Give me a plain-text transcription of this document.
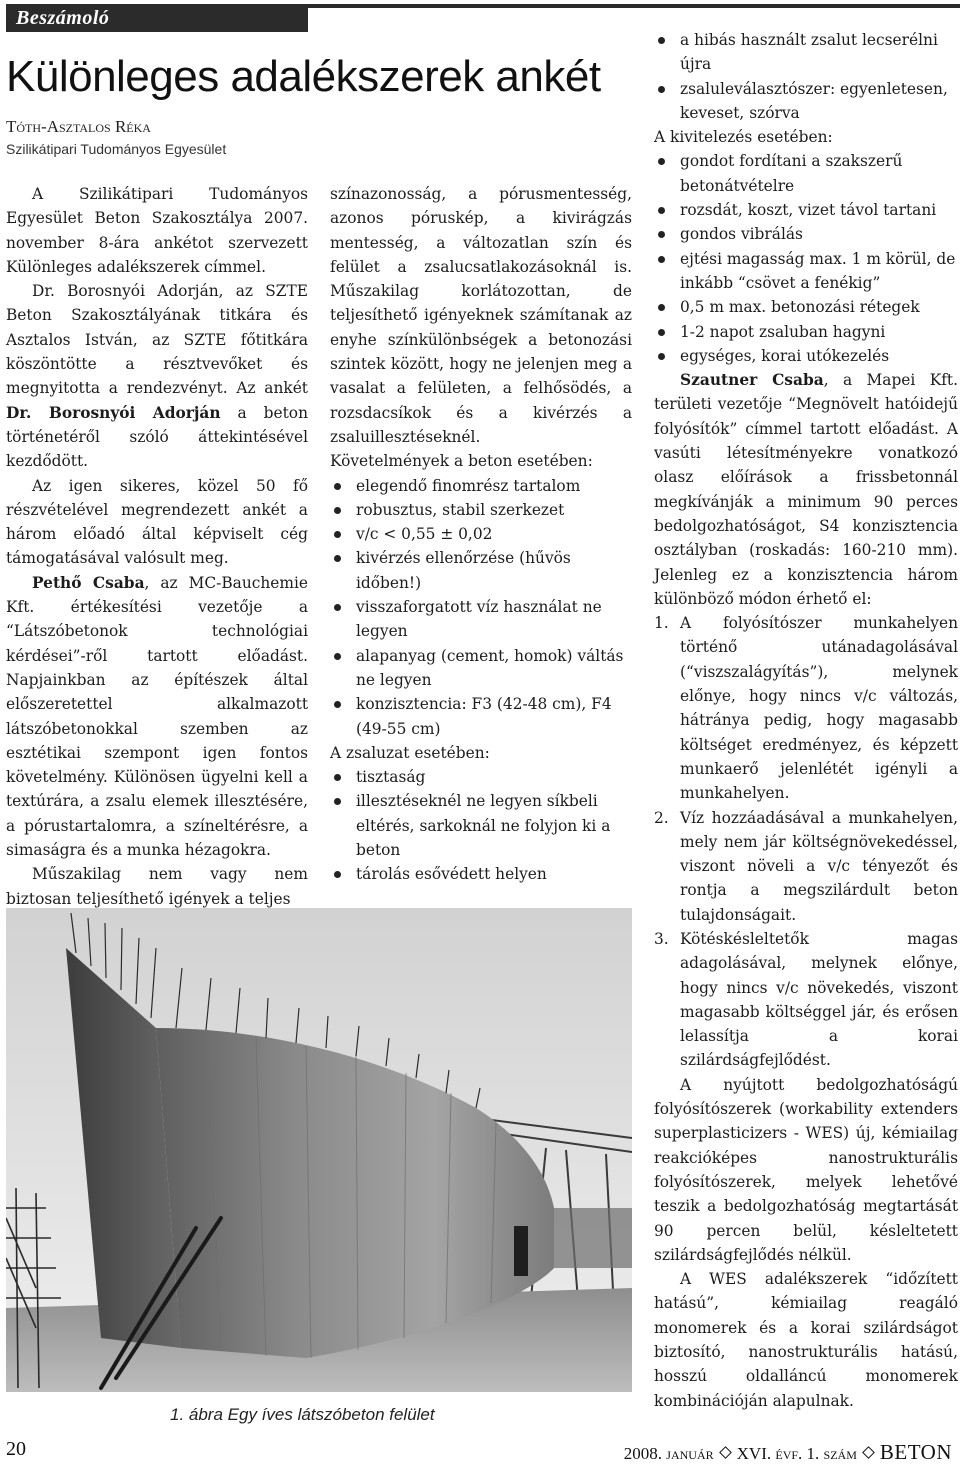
Beszámoló
Különleges adalékszerek ankét
Tóth-Asztalos Réka
Szilikátipari Tudományos Egyesület

A Szilikátipari Tudományos Egyesület Beton Szakosztálya 2007. november 8-ára ankétot szervezett Különleges adalékszerek címmel.

Dr. Borosnyói Adorján, az SZTE Beton Szakosztályának titkára és Asztalos István, az SZTE főtitkára köszöntötte a résztvevőket és megnyitotta a rendezvényt. Az ankét Dr. Borosnyói Adorján a beton történetéről szóló áttekintésével kezdődött.

Az igen sikeres, közel 50 fő részvételével megrendezett ankét a három előadó által képviselt cég támogatásával valósult meg.

Pethő Csaba, az MC-Bauchemie Kft. értékesítési vezetője a “Látszóbetonok technológiai kérdései”-ről tartott előadást. Napjainkban az építészek által előszeretettel alkalmazott látszóbetonokkal szemben az esztétikai szempont igen fontos követelmény. Különösen ügyelni kell a textúrára, a zsalu elemek illesztésére, a pórustartalomra, a színeltérésre, a simaságra és a munka hézagokra.

Műszakilag nem vagy nem biztosan teljesíthető igények a teljes

színazonosság, a pórusmentesség, azonos póruskép, a kivirágzás mentesség, a változatlan szín és felület a zsalucsatlakozásoknál is. Műszakilag korlátozottan, de teljesíthető igényeknek számítanak az enyhe színkülönbségek a betonozási szintek között, hogy ne jelenjen meg a vasalat a felületen, a felhősödés, a rozsdacsíkok és a kivérzés a zsaluillesztéseknél.

Követelmények a beton esetében:

elegendő finomrész tartalom
robusztus, stabil szerkezet
v/c < 0,55 ± 0,02
kivérzés ellenőrzése (hűvös időben!)
visszaforgatott víz használat ne legyen
alapanyag (cement, homok) váltás ne legyen
konzisztencia: F3 (42-48 cm), F4 (49-55 cm)

A zsaluzat esetében:

tisztaság
illesztéseknél ne legyen síkbeli eltérés, sarkoknál ne folyjon ki a beton
tárolás esővédett helyen
a hibás használt zsalut lecserélni újra
zsaluleválasztószer: egyenletesen, keveset, szórva

A kivitelezés esetében:

gondot fordítani a szakszerű betonátvételre
rozsdát, koszt, vizet távol tartani
gondos vibrálás
ejtési magasság max. 1 m körül, de inkább “csövet a fenékig”
0,5 m max. betonozási rétegek
1-2 napot zsaluban hagyni
egységes, korai utókezelés

Szautner Csaba, a Mapei Kft. területi vezetője “Megnövelt hatóidejű folyósítók” címmel tartott előadást. A vasúti létesítményekre vonatkozó olasz előírások a frissbetonnál megkívánják a minimum 90 perces bedolgozhatóságot, S4 konzisztencia osztályban (roskadás: 160-210 mm). Jelenleg ez a konzisztencia három különböző módon érhető el:

1. A folyósítószer munkahelyen történő utánadagolásával (“viszszalágyítás”), melynek előnye, hogy nincs v/c változás, hátránya pedig, hogy magasabb költséget eredményez, és képzett munkaerő jelenlétét igényli a munkahelyen.
2. Víz hozzáadásával a munkahelyen, mely nem jár költségnövekedéssel, viszont növeli a v/c tényezőt és rontja a megszilárdult beton tulajdonságait.
3. Kötéskésleltetők magas adagolásával, melynek előnye, hogy nincs v/c növekedés, viszont magasabb költséggel jár, és erősen lelassítja a korai szilárdságfejlődést.

A nyújtott bedolgozhatóságú folyósítószerek (workability extenders superplasticizers - WES) új, kémiailag reakcióképes nanostrukturális folyósítószerek, melyek lehetővé teszik a bedolgozhatóság megtartását 90 percen belül, késleltetett szilárdságfejlődés nélkül.

A WES adalékszerek “időzített hatású”, kémiailag reagáló monomerek és a korai szilárdságot biztosító, nanostrukturális hatású, hosszú oldalláncú monomerek kombinációján alapulnak.

1. ábra Egy íves látszóbeton felület
20	2008. január XVI. évf. 1. szám BETON
